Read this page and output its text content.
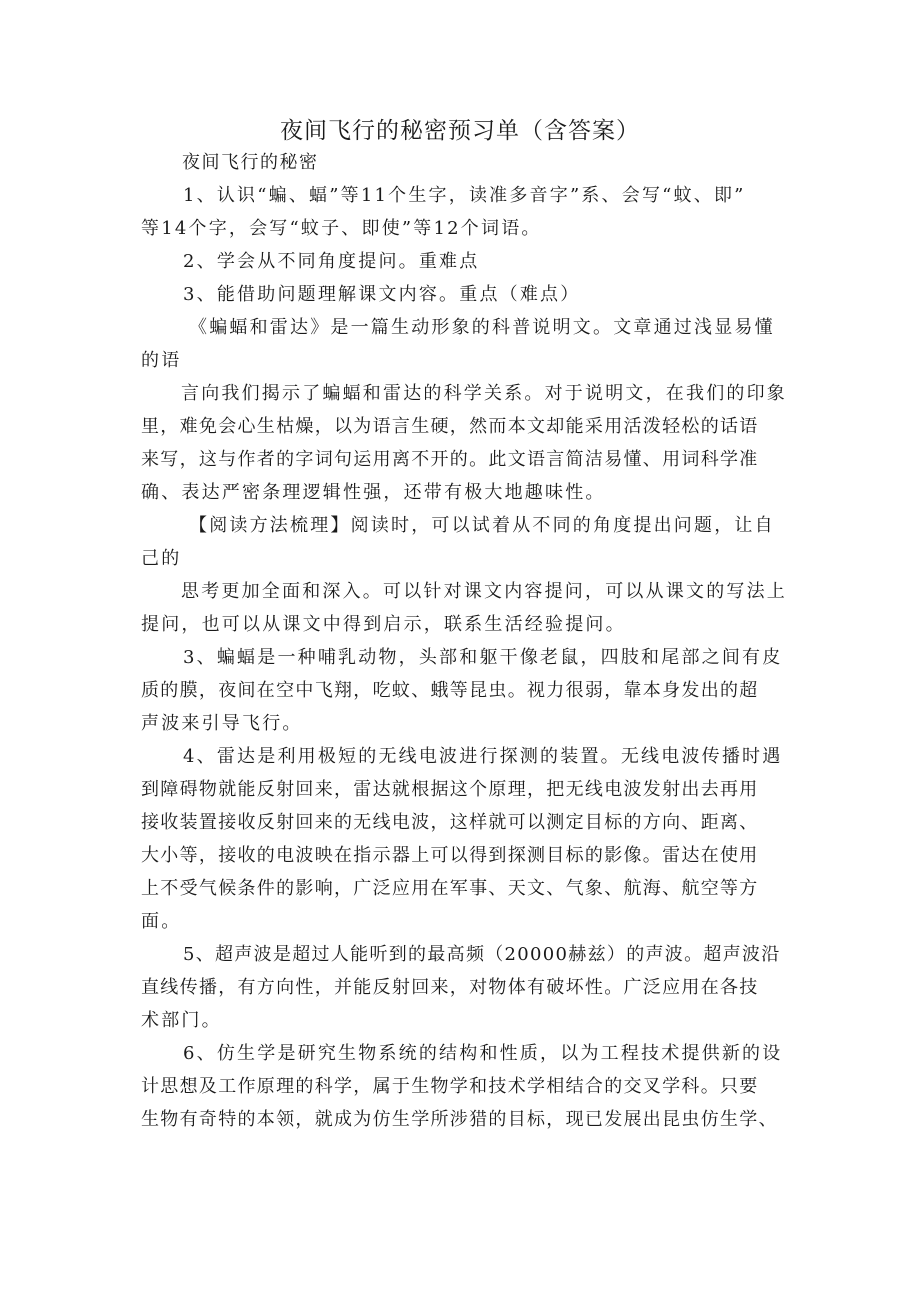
夜间飞行的秘密预习单（含答案）
夜间飞行的秘密
1、认识“蝙、蝠”等11个生字，读准多音字”系、会写“蚊、即”
等14个字，会写“蚊子、即使”等12个词语。
2、学会从不同角度提问。重难点
3、能借助问题理解课文内容。重点（难点）
《蝙蝠和雷达》是一篇生动形象的科普说明文。文章通过浅显易懂
的语
言向我们揭示了蝙蝠和雷达的科学关系。对于说明文，在我们的印象
里，难免会心生枯燥，以为语言生硬，然而本文却能采用活泼轻松的话语
来写，这与作者的字词句运用离不开的。此文语言简洁易懂、用词科学准
确、表达严密条理逻辑性强，还带有极大地趣味性。
【阅读方法梳理】阅读时，可以试着从不同的角度提出问题，让自
己的
思考更加全面和深入。可以针对课文内容提问，可以从课文的写法上
提问，也可以从课文中得到启示，联系生活经验提问。
3、蝙蝠是一种哺乳动物，头部和躯干像老鼠，四肢和尾部之间有皮
质的膜，夜间在空中飞翔，吃蚊、蛾等昆虫。视力很弱，靠本身发出的超
声波来引导飞行。
4、雷达是利用极短的无线电波进行探测的装置。无线电波传播时遇
到障碍物就能反射回来，雷达就根据这个原理，把无线电波发射出去再用
接收装置接收反射回来的无线电波，这样就可以测定目标的方向、距离、
大小等，接收的电波映在指示器上可以得到探测目标的影像。雷达在使用
上不受气候条件的影响，广泛应用在军事、天文、气象、航海、航空等方
面。
5、超声波是超过人能听到的最高频（20000赫兹）的声波。超声波沿
直线传播，有方向性，并能反射回来，对物体有破坏性。广泛应用在各技
术部门。
6、仿生学是研究生物系统的结构和性质，以为工程技术提供新的设
计思想及工作原理的科学，属于生物学和技术学相结合的交叉学科。只要
生物有奇特的本领，就成为仿生学所涉猎的目标，现已发展出昆虫仿生学、
